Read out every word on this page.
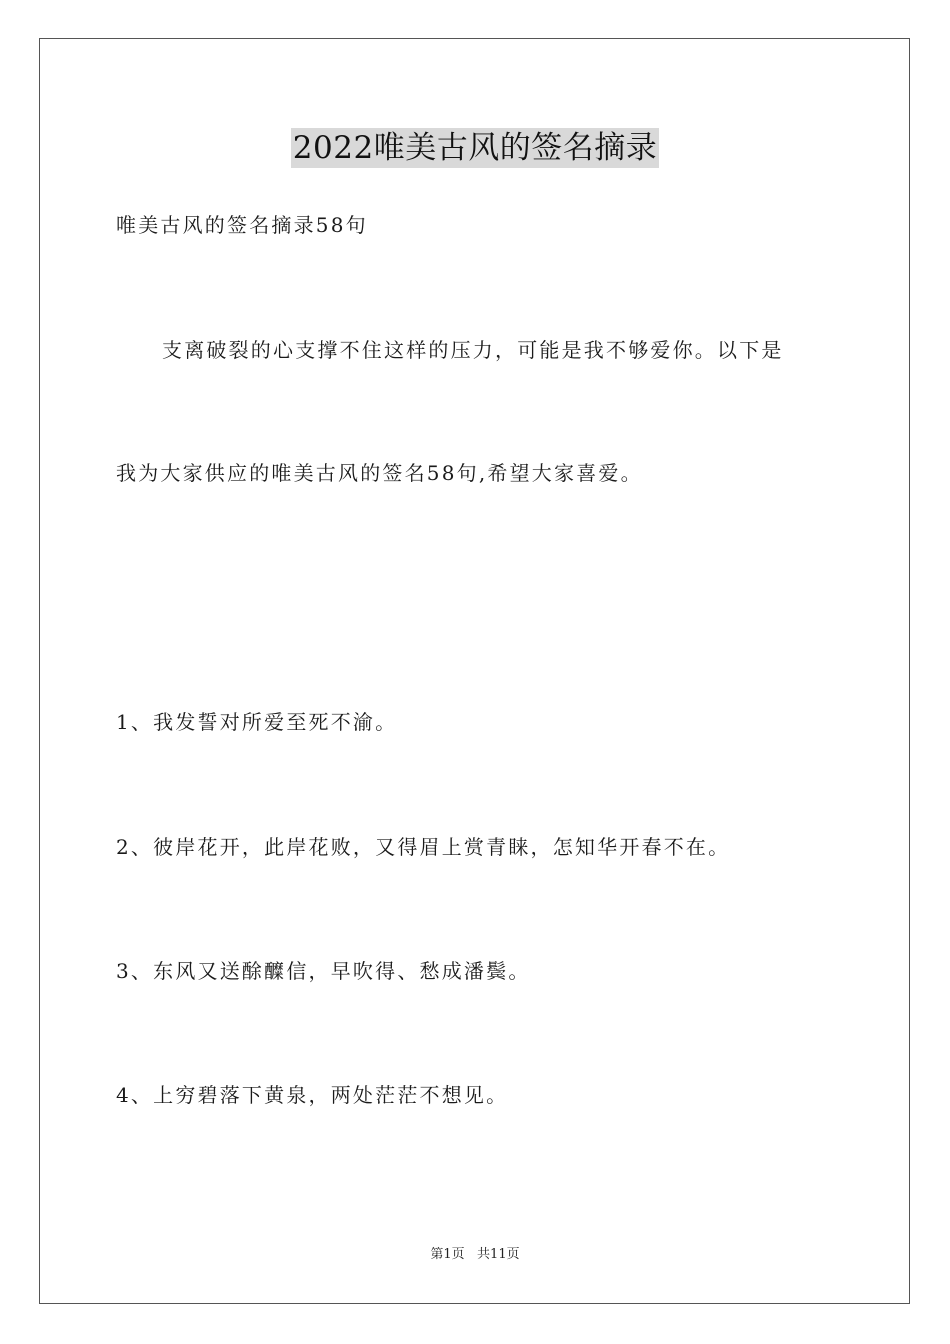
2022唯美古风的签名摘录
唯美古风的签名摘录58句
支离破裂的心支撑不住这样的压力，可能是我不够爱你。以下是
我为大家供应的唯美古风的签名58句,希望大家喜爱。
1、我发誓对所爱至死不渝。
2、彼岸花开，此岸花败，又得眉上赏青睐，怎知华开春不在。
3、东风又送酴醾信，早吹得、愁成潘鬓。
4、上穷碧落下黄泉，两处茫茫不想见。
第1页   共11页
